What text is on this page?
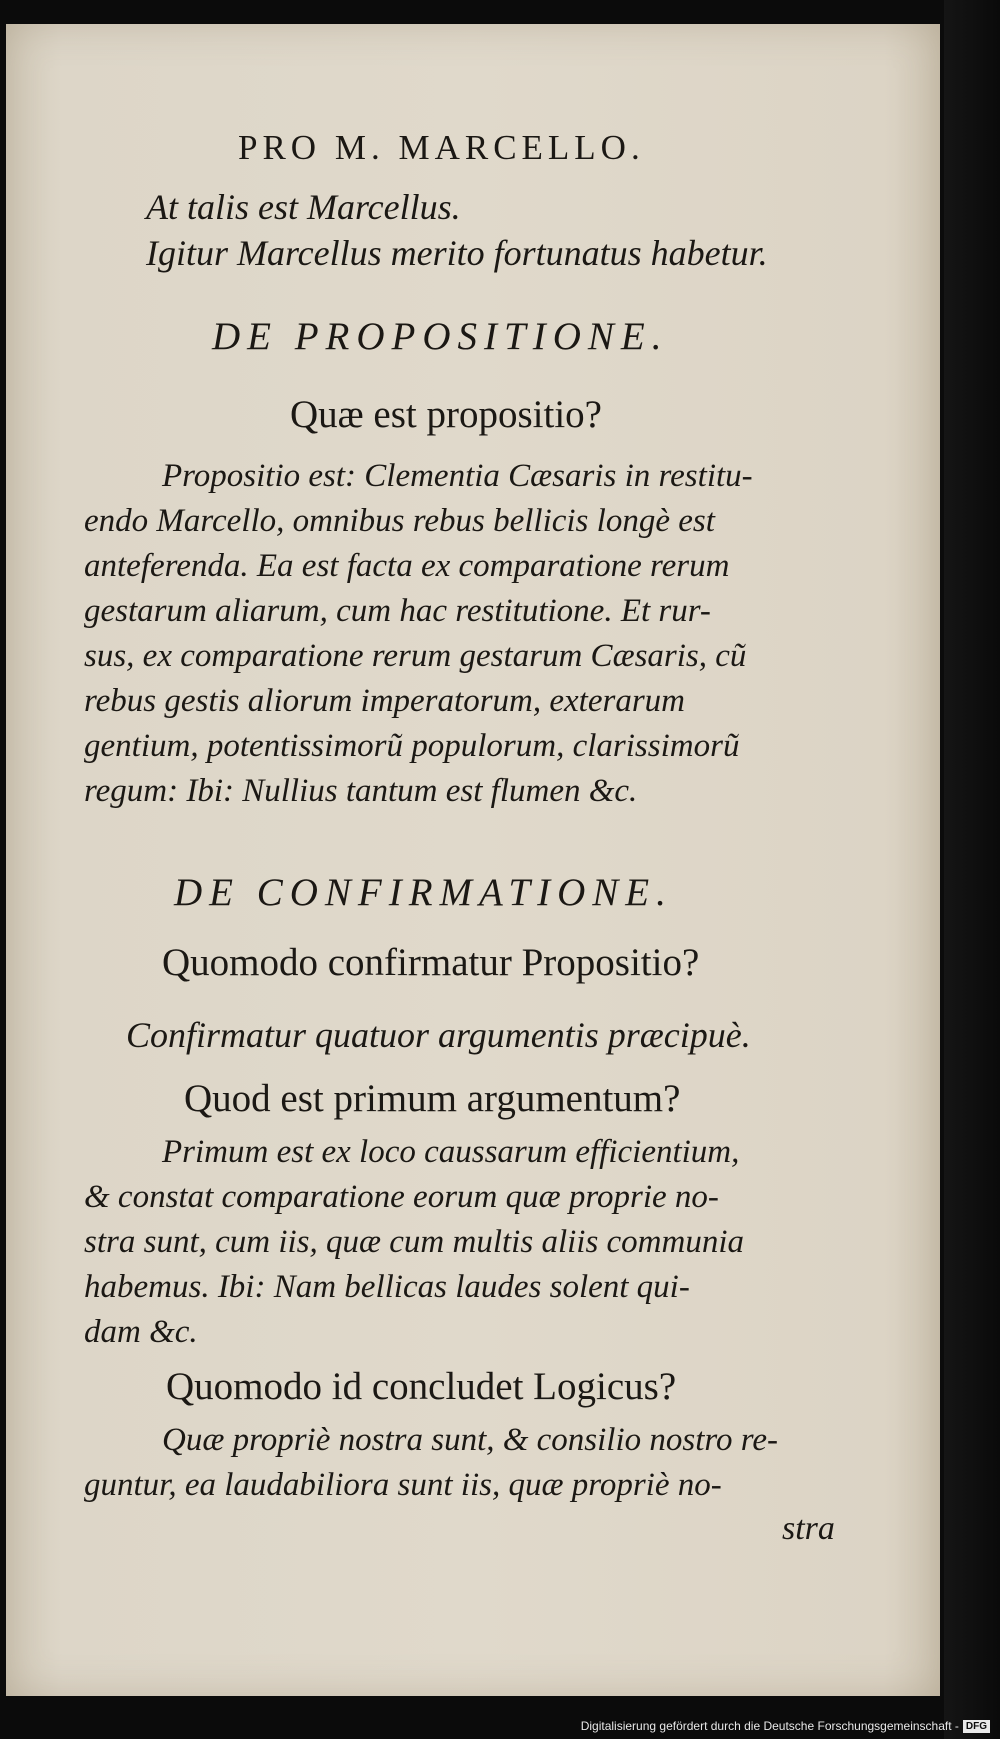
PRO M. MARCELLO.
At talis est Marcellus.
Igitur Marcellus merito fortunatus habetur.
DE PROPOSITIONE.
Quæ est propositio?
Propositio est: Clementia Cæsaris in restitu-
endo Marcello, omnibus rebus bellicis longè est
anteferenda. Ea est facta ex comparatione rerum
gestarum aliarum, cum hac restitutione. Et rur-
sus, ex comparatione rerum gestarum Cæsaris, cũ
rebus gestis aliorum imperatorum, exterarum
gentium, potentissimorũ populorum, clarissimorũ
regum: Ibi: Nullius tantum est flumen &c.
DE CONFIRMATIONE.
Quomodo confirmatur Propositio?
Confirmatur quatuor argumentis præcipuè.
Quod est primum argumentum?
Primum est ex loco caussarum efficientium,
& constat comparatione eorum quæ proprie no-
stra sunt, cum iis, quæ cum multis aliis communia
habemus. Ibi: Nam bellicas laudes solent qui-
dam &c.
Quomodo id concludet Logicus?
Quæ propriè nostra sunt, & consilio nostro re-
guntur, ea laudabiliora sunt iis, quæ propriè no-
stra
Digitalisierung gefördert durch die Deutsche Forschungsgemeinschaft - DFG
